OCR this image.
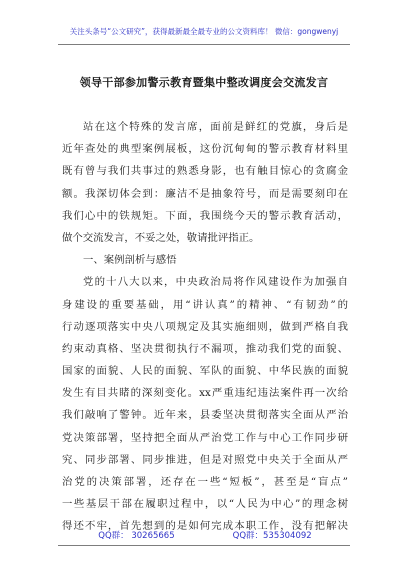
关注头条号“公文研究”，获得最新最全最专业的公文资料库！ 微信：gongwenyj
领导干部参加警示教育暨集中整改调度会交流发言
站在这个特殊的发言席，面前是鲜红的党旗，身后是
近年查处的典型案例展板，这份沉甸甸的警示教育材料里
既有曾与我们共事过的熟悉身影，也有触目惊心的贪腐金
额。我深切体会到：廉洁不是抽象符号，而是需要刻印在
我们心中的铁规矩。下面，我围绕今天的警示教育活动，
做个交流发言，不妥之处，敬请批评指正。
一、案例剖析与感悟
党的十八大以来，中央政治局将作风建设作为加强自
身建设的重要基础，用“讲认真”的精神、“有韧劲”的
行动逐项落实中央八项规定及其实施细则，做到严格自我
约束动真格、坚决贯彻执行不漏项，推动我们党的面貌、
国家的面貌、人民的面貌、军队的面貌、中华民族的面貌
发生有目共睹的深刻变化。xx严重违纪违法案件再一次给
我们敲响了警钟。近年来，县委坚决贯彻落实全面从严治
党决策部署，坚持把全面从严治党工作与中心工作同步研
究、同步部署、同步推进，但是对照党中央关于全面从严
治党的决策部署，还存在一些“短板”，甚至是“盲点”
一些基层干部在履职过程中，以“人民为中心”的理念树
得还不牢，首先想到的是如何完成本职工作，没有把解决
QQ群： 30265665	QQ群：535304092
